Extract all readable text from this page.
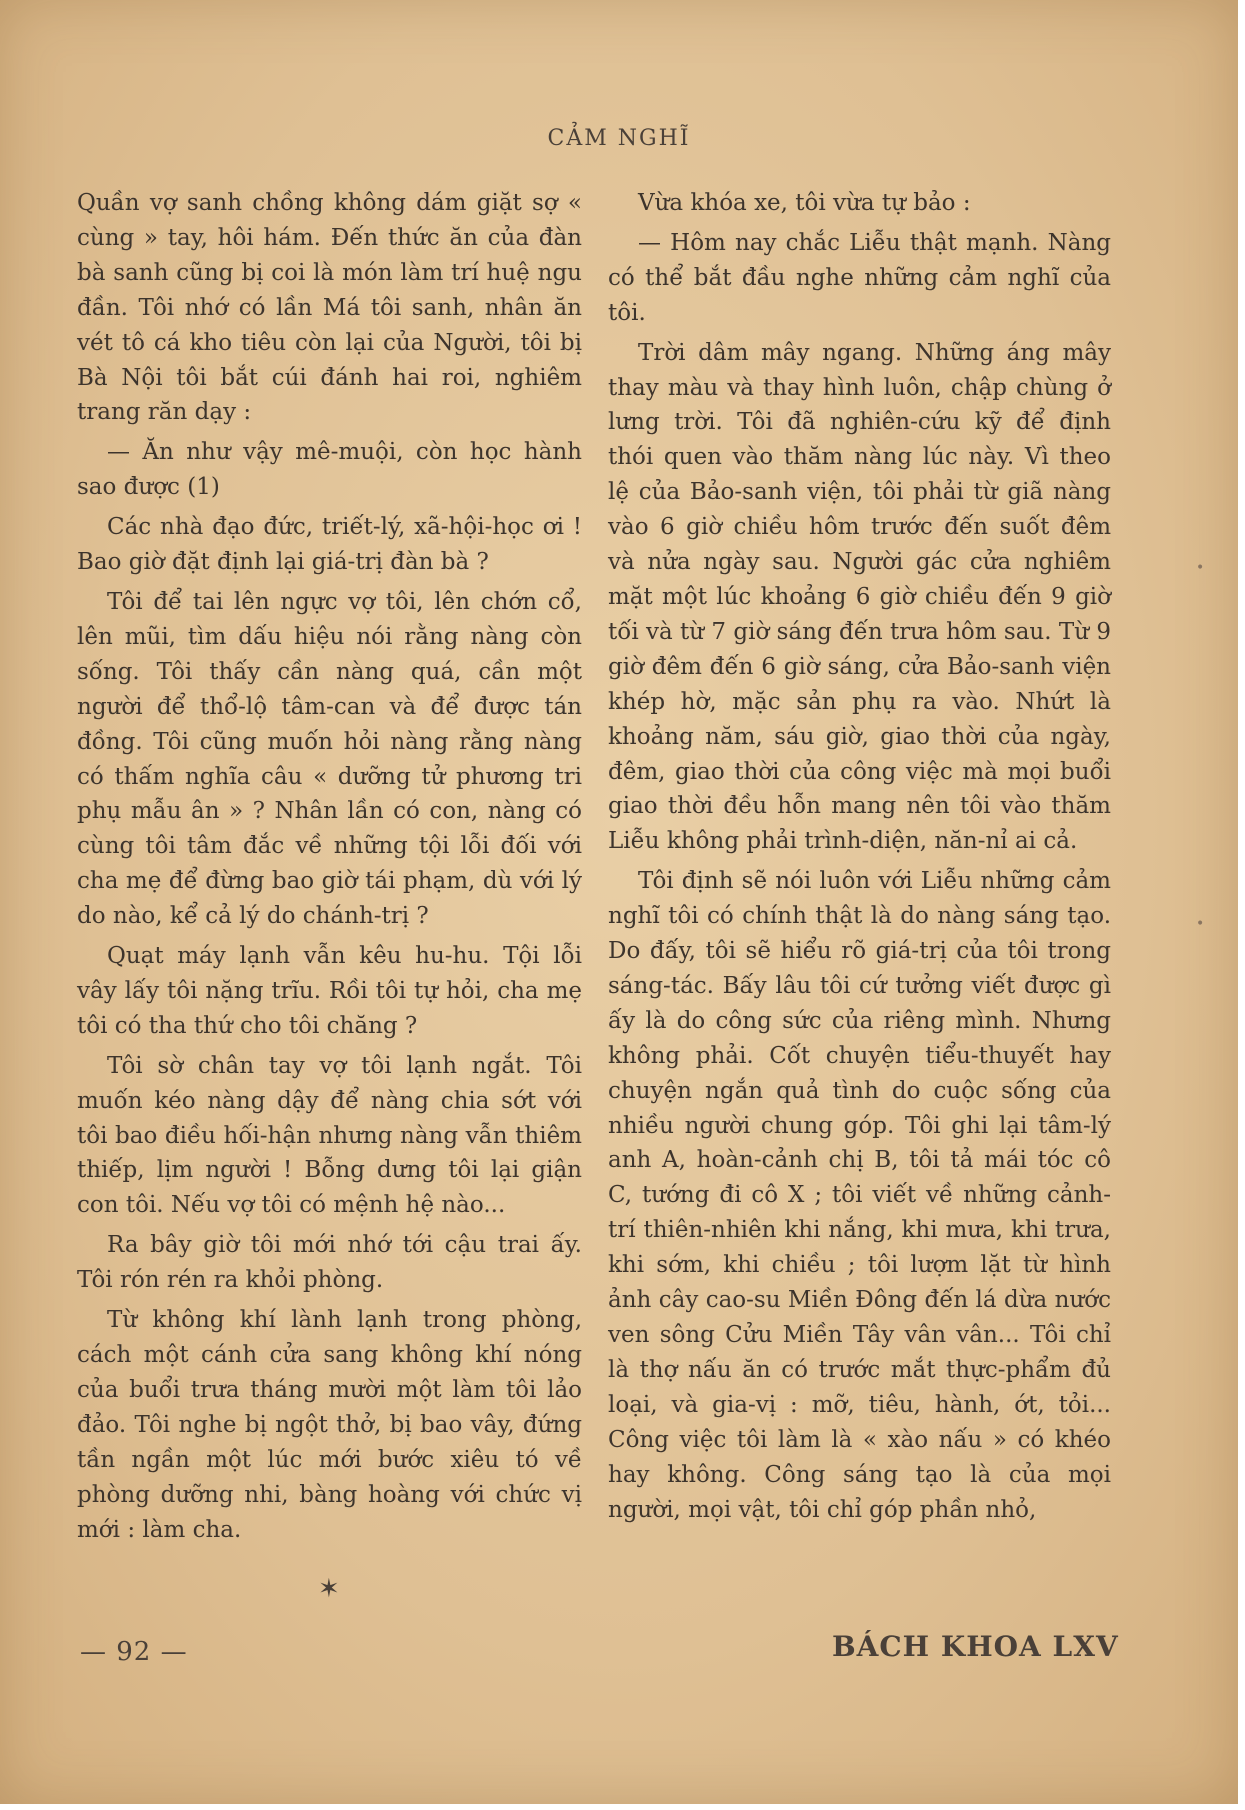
CẢM NGHĨ

Quần vợ sanh chồng không dám giặt sợ « cùng » tay, hôi hám. Đến thức ăn của đàn bà sanh cũng bị coi là món làm trí huệ ngu đần. Tôi nhớ có lần Má tôi sanh, nhân ăn vét tô cá kho tiêu còn lại của Người, tôi bị Bà Nội tôi bắt cúi đánh hai roi, nghiêm trang răn dạy :

— Ăn như vậy mê-muội, còn học hành sao được (1)

Các nhà đạo đức, triết-lý, xã-hội-học ơi ! Bao giờ đặt định lại giá-trị đàn bà ?

Tôi để tai lên ngực vợ tôi, lên chớn cổ, lên mũi, tìm dấu hiệu nói rằng nàng còn sống. Tôi thấy cần nàng quá, cần một người để thổ-lộ tâm-can và để được tán đồng. Tôi cũng muốn hỏi nàng rằng nàng có thấm nghĩa câu « dưỡng tử phương tri phụ mẫu ân » ? Nhân lần có con, nàng có cùng tôi tâm đắc về những tội lỗi đối với cha mẹ để đừng bao giờ tái phạm, dù với lý do nào, kể cả lý do chánh-trị ?

Quạt máy lạnh vẫn kêu hu-hu. Tội lỗi vây lấy tôi nặng trĩu. Rồi tôi tự hỏi, cha mẹ tôi có tha thứ cho tôi chăng ?

Tôi sờ chân tay vợ tôi lạnh ngắt. Tôi muốn kéo nàng dậy để nàng chia sớt với tôi bao điều hối-hận nhưng nàng vẫn thiêm thiếp, lịm người ! Bỗng dưng tôi lại giận con tôi. Nếu vợ tôi có mệnh hệ nào...

Ra bây giờ tôi mới nhớ tới cậu trai ấy. Tôi rón rén ra khỏi phòng.

Từ không khí lành lạnh trong phòng, cách một cánh cửa sang không khí nóng của buổi trưa tháng mười một làm tôi lảo đảo. Tôi nghe bị ngột thở, bị bao vây, đứng tần ngần một lúc mới bước xiêu tó về phòng dưỡng nhi, bàng hoàng với chức vị mới : làm cha.

✶

Vừa khóa xe, tôi vừa tự bảo :

— Hôm nay chắc Liễu thật mạnh. Nàng có thể bắt đầu nghe những cảm nghĩ của tôi.

Trời dâm mây ngang. Những áng mây thay màu và thay hình luôn, chập chùng ở lưng trời. Tôi đã nghiên-cứu kỹ để định thói quen vào thăm nàng lúc này. Vì theo lệ của Bảo-sanh viện, tôi phải từ giã nàng vào 6 giờ chiều hôm trước đến suốt đêm và nửa ngày sau. Người gác cửa nghiêm mặt một lúc khoảng 6 giờ chiều đến 9 giờ tối và từ 7 giờ sáng đến trưa hôm sau. Từ 9 giờ đêm đến 6 giờ sáng, cửa Bảo-sanh viện khép hờ, mặc sản phụ ra vào. Nhứt là khoảng năm, sáu giờ, giao thời của ngày, đêm, giao thời của công việc mà mọi buổi giao thời đều hỗn mang nên tôi vào thăm Liễu không phải trình-diện, năn-nỉ ai cả.

Tôi định sẽ nói luôn với Liễu những cảm nghĩ tôi có chính thật là do nàng sáng tạo. Do đấy, tôi sẽ hiểu rõ giá-trị của tôi trong sáng-tác. Bấy lâu tôi cứ tưởng viết được gì ấy là do công sức của riêng mình. Nhưng không phải. Cốt chuyện tiểu-thuyết hay chuyện ngắn quả tình do cuộc sống của nhiều người chung góp. Tôi ghi lại tâm-lý anh A, hoàn-cảnh chị B, tôi tả mái tóc cô C, tướng đi cô X ; tôi viết về những cảnh-trí thiên-nhiên khi nắng, khi mưa, khi trưa, khi sớm, khi chiều ; tôi lượm lặt từ hình ảnh cây cao-su Miền Đông đến lá dừa nước ven sông Cửu Miền Tây vân vân... Tôi chỉ là thợ nấu ăn có trước mắt thực-phẩm đủ loại, và gia-vị : mỡ, tiêu, hành, ớt, tỏi... Công việc tôi làm là « xào nấu » có khéo hay không. Công sáng tạo là của mọi người, mọi vật, tôi chỉ góp phần nhỏ,

— 92 —	BÁCH KHOA LXV
•
•
